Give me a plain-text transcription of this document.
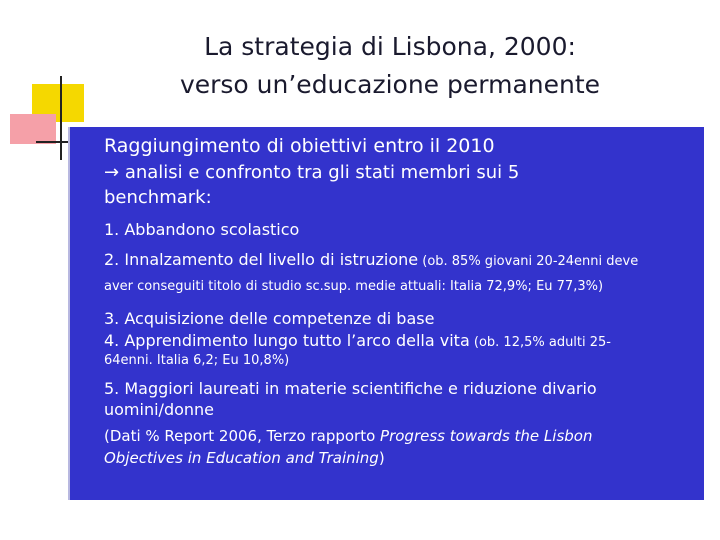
La strategia di Lisbona, 2000:
verso un’educazione permanente

Raggiungimento di obiettivi entro il 2010

→ analisi e confronto tra gli stati membri sui 5

benchmark:

1. Abbandono scolastico

2. Innalzamento del livello di istruzione (ob. 85% giovani 20-24enni deve

aver conseguiti titolo di studio sc.sup. medie attuali: Italia 72,9%; Eu 77,3%)

3. Acquisizione delle competenze di base

4. Apprendimento lungo tutto l’arco della vita (ob. 12,5% adulti 25-

64enni. Italia 6,2; Eu 10,8%)

5. Maggiori laureati in materie scientifiche e riduzione divario

uomini/donne

(Dati % Report 2006, Terzo rapporto Progress towards the Lisbon

Objectives in Education and Training)
